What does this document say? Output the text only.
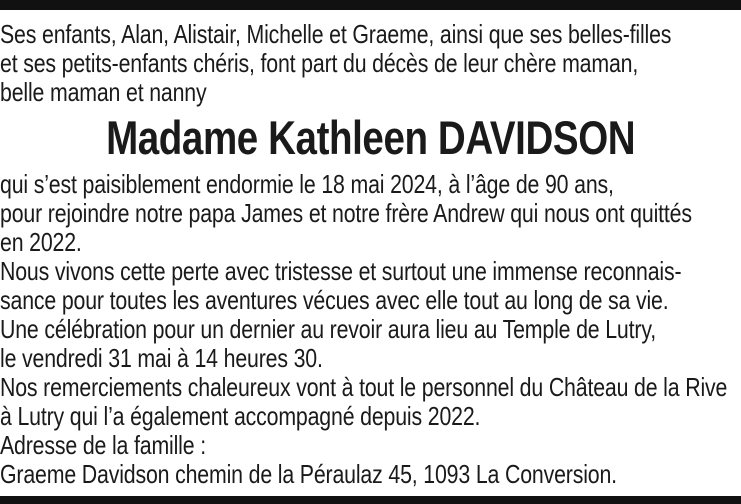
Ses enfants, Alan, Alistair, Michelle et Graeme, ainsi que ses belles-filles
et ses petits-enfants chéris, font part du décès de leur chère maman,
belle maman et nanny
Madame Kathleen DAVIDSON
qui s’est paisiblement endormie le 18 mai 2024, à l’âge de 90 ans,
pour rejoindre notre papa James et notre frère Andrew qui nous ont quittés
en 2022.
Nous vivons cette perte avec tristesse et surtout une immense reconnais-
sance pour toutes les aventures vécues avec elle tout au long de sa vie.
Une célébration pour un dernier au revoir aura lieu au Temple de Lutry,
le vendredi 31 mai à 14 heures 30.
Nos remerciements chaleureux vont à tout le personnel du Château de la Rive
à Lutry qui l’a également accompagné depuis 2022.
Adresse de la famille :
Graeme Davidson chemin de la Péraulaz 45, 1093 La Conversion.
